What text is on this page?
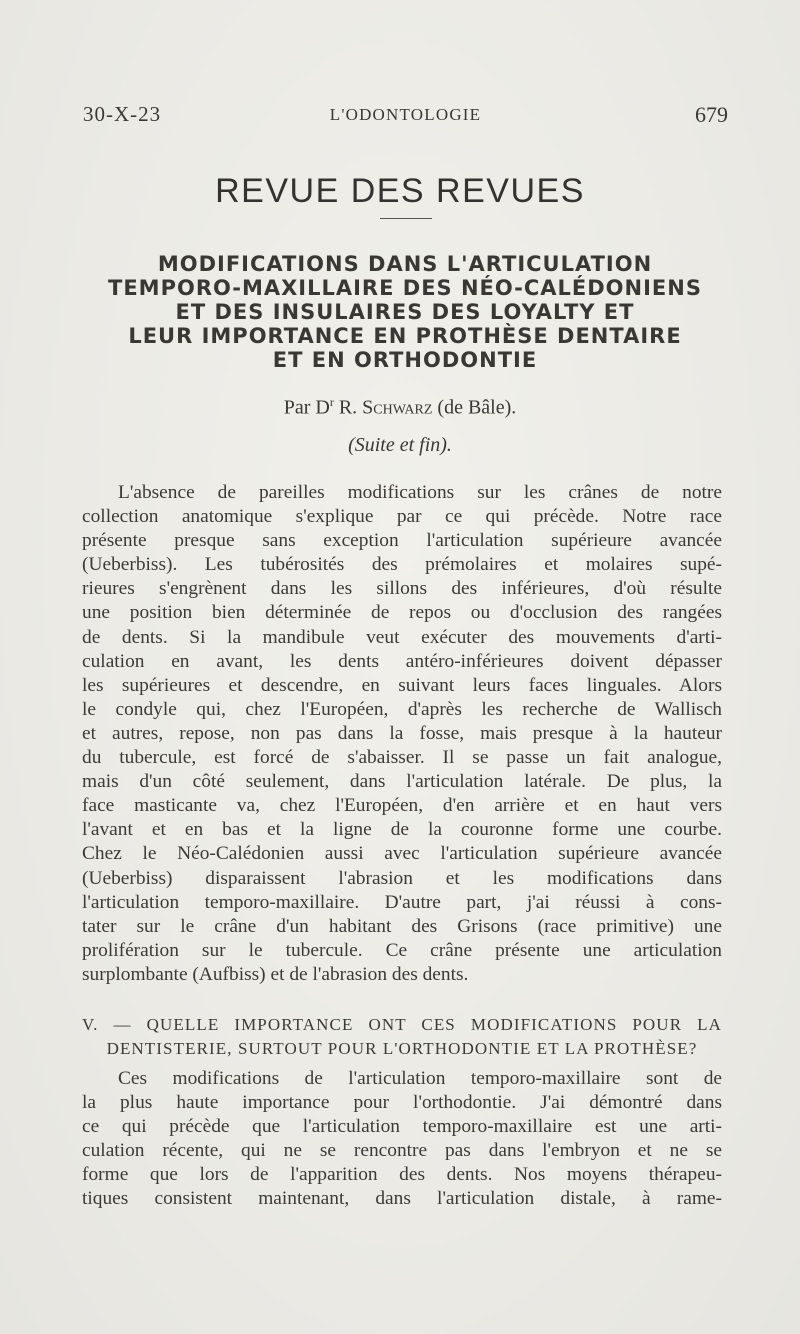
30-X-23	L'ODONTOLOGIE	679
REVUE DES REVUES
MODIFICATIONS DANS L'ARTICULATION
TEMPORO-MAXILLAIRE DES NÉO-CALÉDONIENS
ET DES INSULAIRES DES LOYALTY ET
LEUR IMPORTANCE EN PROTHÈSE DENTAIRE
ET EN ORTHODONTIE
Par $D^r$ R. Schwarz (de Bâle).
(Suite et fin).
L'absence de pareilles modifications sur les crânes de notre
collection anatomique s'explique par ce qui précède. Notre race
présente presque sans exception l'articulation supérieure avancée
(Ueberbiss). Les tubérosités des prémolaires et molaires supé-
rieures s'engrènent dans les sillons des inférieures, d'où résulte
une position bien déterminée de repos ou d'occlusion des rangées
de dents. Si la mandibule veut exécuter des mouvements d'arti-
culation en avant, les dents antéro-inférieures doivent dépasser
les supérieures et descendre, en suivant leurs faces linguales. Alors
le condyle qui, chez l'Européen, d'après les recherche de Wallisch
et autres, repose, non pas dans la fosse, mais presque à la hauteur
du tubercule, est forcé de s'abaisser. Il se passe un fait analogue,
mais d'un côté seulement, dans l'articulation latérale. De plus, la
face masticante va, chez l'Européen, d'en arrière et en haut vers
l'avant et en bas et la ligne de la couronne forme une courbe.
Chez le Néo-Calédonien aussi avec l'articulation supérieure avancée
(Ueberbiss) disparaissent l'abrasion et les modifications dans
l'articulation temporo-maxillaire. D'autre part, j'ai réussi à cons-
tater sur le crâne d'un habitant des Grisons (race primitive) une
prolifération sur le tubercule. Ce crâne présente une articulation
surplombante (Aufbiss) et de l'abrasion des dents.
V. — QUELLE IMPORTANCE ONT CES MODIFICATIONS POUR LA
DENTISTERIE, SURTOUT POUR L'ORTHODONTIE ET LA PROTHÈSE?
Ces modifications de l'articulation temporo-maxillaire sont de
la plus haute importance pour l'orthodontie. J'ai démontré dans
ce qui précède que l'articulation temporo-maxillaire est une arti-
culation récente, qui ne se rencontre pas dans l'embryon et ne se
forme que lors de l'apparition des dents. Nos moyens thérapeu-
tiques consistent maintenant, dans l'articulation distale, à rame-
